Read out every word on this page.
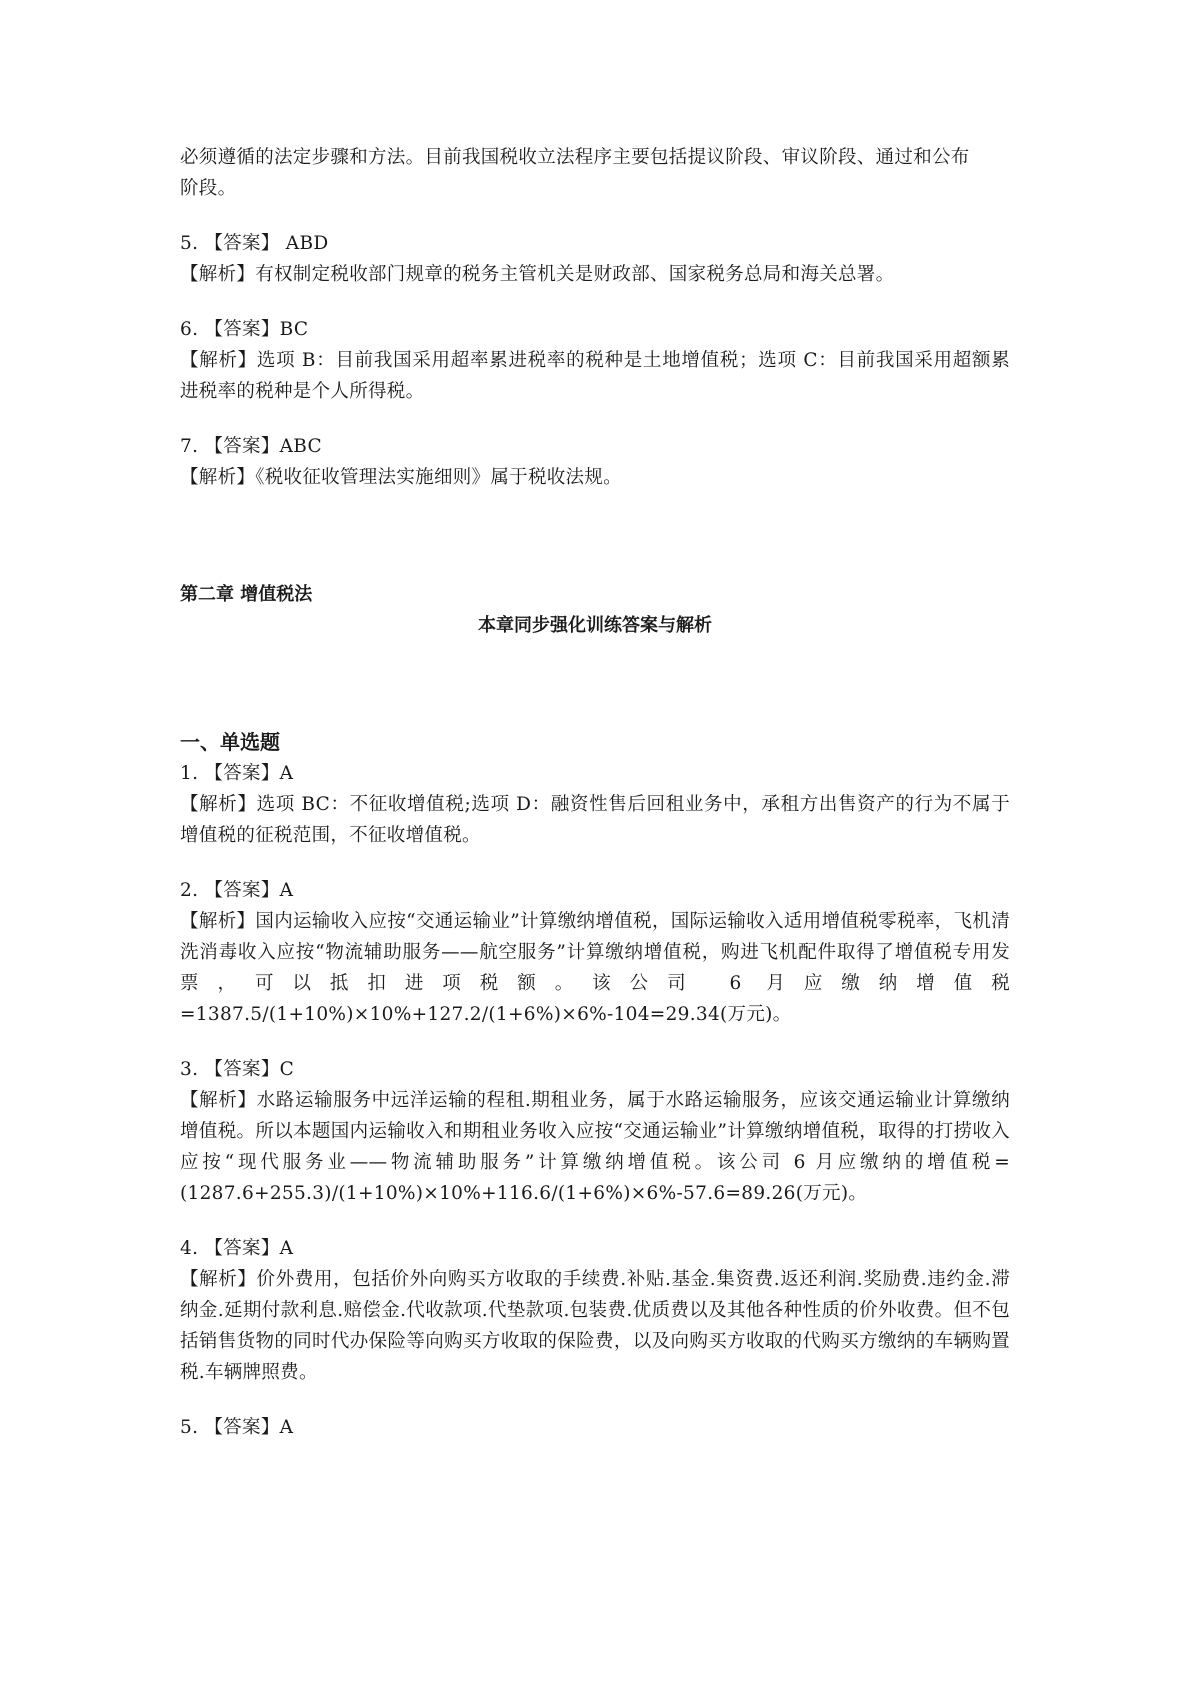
必须遵循的法定步骤和方法。目前我国税收立法程序主要包括提议阶段、审议阶段、通过和公布

阶段。

5. 【答案】 ABD

【解析】有权制定税收部门规章的税务主管机关是财政部、国家税务总局和海关总署。

6. 【答案】BC

【解析】选项 B：目前我国采用超率累进税率的税种是土地增值税；选项 C：目前我国采用超额累进税率的税种是个人所得税。

7. 【答案】ABC

【解析】《税收征收管理法实施细则》属于税收法规。

第二章 增值税法

本章同步强化训练答案与解析

一、单选题

1. 【答案】A

【解析】选项 BC：不征收增值税;选项 D：融资性售后回租业务中，承租方出售资产的行为不属于增值税的征税范围，不征收增值税。

2. 【答案】A

【解析】国内运输收入应按“交通运输业”计算缴纳增值税，国际运输收入适用增值税零税率，飞机清洗消毒收入应按“物流辅助服务——航空服务”计算缴纳增值税，购进飞机配件取得了增值税专用发票，可以抵扣进项税额。该公司 6 月应缴纳增值税=1387.5/(1+10%)×10%+127.2/(1+6%)×6%-104=29.34(万元)。

3. 【答案】C

【解析】水路运输服务中远洋运输的程租.期租业务，属于水路运输服务，应该交通运输业计算缴纳增值税。所以本题国内运输收入和期租业务收入应按“交通运输业”计算缴纳增值税，取得的打捞收入应按“现代服务业——物流辅助服务”计算缴纳增值税。该公司 6 月应缴纳的增值税=(1287.6+255.3)/(1+10%)×10%+116.6/(1+6%)×6%-57.6=89.26(万元)。

4. 【答案】A

【解析】价外费用，包括价外向购买方收取的手续费.补贴.基金.集资费.返还利润.奖励费.违约金.滞纳金.延期付款利息.赔偿金.代收款项.代垫款项.包装费.优质费以及其他各种性质的价外收费。但不包括销售货物的同时代办保险等向购买方收取的保险费，以及向购买方收取的代购买方缴纳的车辆购置税.车辆牌照费。

5. 【答案】A
